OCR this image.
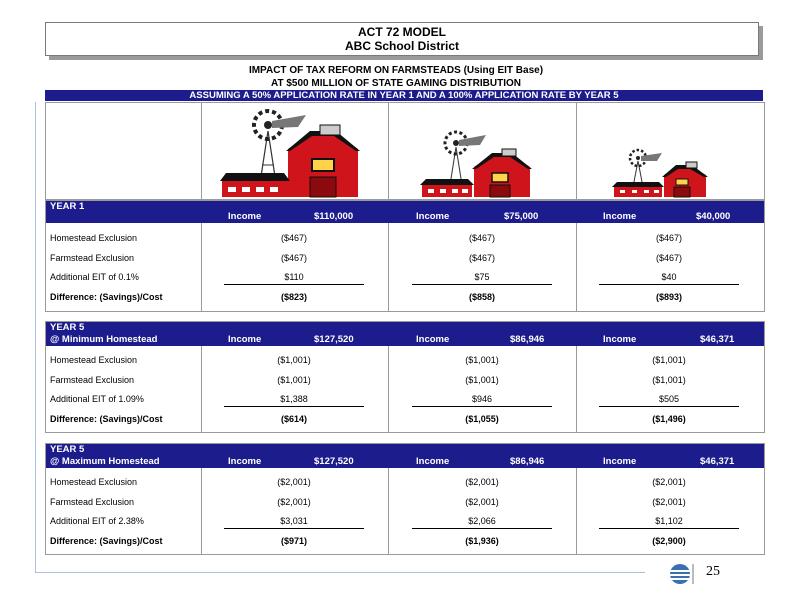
ACT 72 MODEL
ABC School District
IMPACT OF TAX REFORM ON FARMSTEADS (Using EIT Base)
AT $500 MILLION OF STATE GAMING DISTRIBUTION
ASSUMING A 50% APPLICATION RATE IN YEAR 1 AND A 100% APPLICATION RATE BY YEAR 5
YEAR 1
Income	$110,000	Income	$75,000	Income	$40,000
Homestead Exclusion	($467)	($467)	($467)
Farmstead Exclusion	($467)	($467)	($467)
Additional EIT of 0.1%	$110	$75	$40
Difference: (Savings)/Cost	($823)	($858)	($893)
YEAR 5
@ Minimum Homestead	Income	$127,520	Income	$86,946	Income	$46,371
Homestead Exclusion	($1,001)	($1,001)	($1,001)
Farmstead Exclusion	($1,001)	($1,001)	($1,001)
Additional EIT of 1.09%	$1,388	$946	$505
Difference: (Savings)/Cost	($614)	($1,055)	($1,496)
YEAR 5
@ Maximum Homestead	Income	$127,520	Income	$86,946	Income	$46,371
Homestead Exclusion	($2,001)	($2,001)	($2,001)
Farmstead Exclusion	($2,001)	($2,001)	($2,001)
Additional EIT of 2.38%	$3,031	$2,066	$1,102
Difference: (Savings)/Cost	($971)	($1,936)	($2,900)
25
